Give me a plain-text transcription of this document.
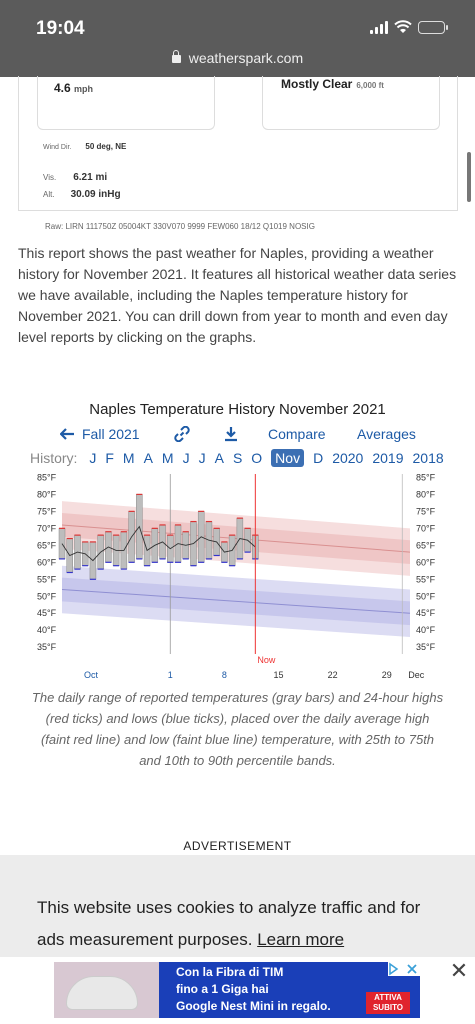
19:04
weatherspark.com
4.6 mph	Mostly Clear 6,000 ft
Wind Dir. 50 deg, NE
Vis. 6.21 mi
Alt. 30.09 inHg
Raw: LIRN 111750Z 05004KT 330V070 9999 FEW060 18/12 Q1019 NOSIG
This report shows the past weather for Naples, providing a weather history for November 2021. It features all historical weather data series we have available, including the Naples temperature history for November 2021. You can drill down from year to month and even day level reports by clicking on the graphs.
Naples Temperature History November 2021
Fall 2021	Compare Averages
History: J F M A M J J A S O Nov D 2020 2019 2018
85°F	85°F
80°F	80°F
75°F	75°F
70°F	70°F
65°F	65°F
60°F	60°F
55°F	55°F
50°F	50°F
45°F	45°F
40°F	40°F
35°F	35°F
Now
Oct	1	8	15	22	29 Dec
The daily range of reported temperatures (gray bars) and 24-hour highs (red ticks) and lows (blue ticks), placed over the daily average high (faint red line) and low (faint blue line) temperature, with 25th to 75th and 10th to 90th percentile bands.
ADVERTISEMENT
This website uses cookies to analyze traffic and for ads measurement purposes. Learn more
Con la Fibra di TIM
fino a 1 Giga hai
Google Nest Mini in regalo.
ATTIVA SUBITO
✕
